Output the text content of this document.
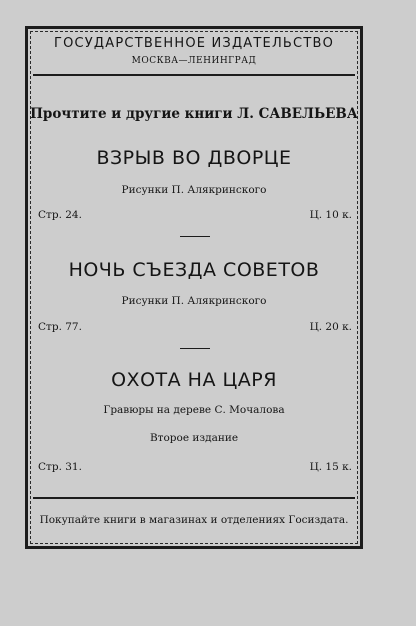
ГОСУДАРСТВЕННОЕ ИЗДАТЕЛЬСТВО
МОСКВА—ЛЕНИНГРАД
Прочтите и другие книги Л. САВЕЛЬЕВА
ВЗРЫВ ВО ДВОРЦЕ
Рисунки П. Алякринского
Стр. 24.	Ц. 10 к.
НОЧЬ СЪЕЗДА СОВЕТОВ
Рисунки П. Алякринского
Стр. 77.	Ц. 20 к.
ОХОТА НА ЦАРЯ
Гравюры на дереве С. Мочалова
Второе издание
Стр. 31.	Ц. 15 к.
Покупайте книги в магазинах и отделениях Госиздата.
